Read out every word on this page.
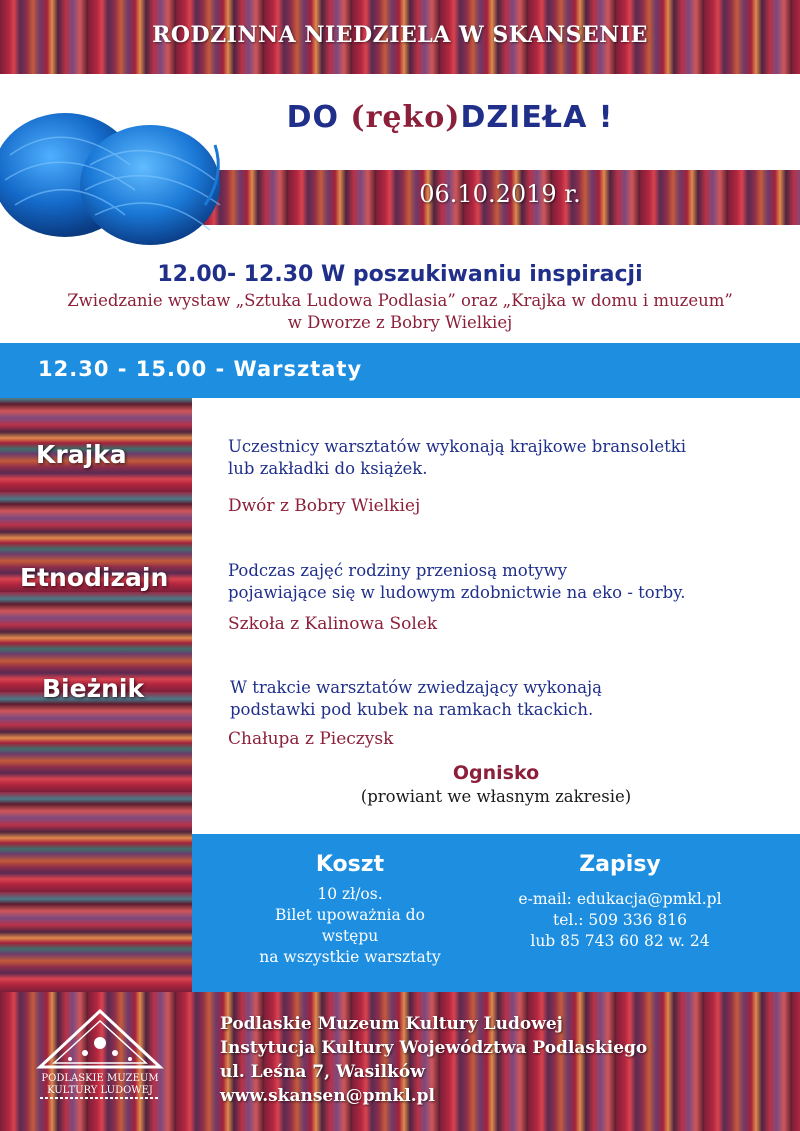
RODZINNA NIEDZIELA W SKANSENIE
DO (ręko)DZIEŁA !
06.10.2019 r.
12.00- 12.30 W poszukiwaniu inspiracji
Zwiedzanie wystaw „Sztuka Ludowa Podlasia” oraz „Krajka w domu i muzeum”
w Dworze z Bobry Wielkiej
12.30 - 15.00 - Warsztaty
Krajka	Uczestnicy warsztatów wykonają krajkowe bransoletki
lub zakładki do książek.
Dwór z Bobry Wielkiej
Etnodizajn	Podczas zajęć rodziny przeniosą motywy
pojawiające się w ludowym zdobnictwie na eko - torby.
Szkoła z Kalinowa Solek
Bieżnik	W trakcie warsztatów zwiedzający wykonają
podstawki pod kubek na ramkach tkackich.
Chałupa z Pieczysk
Ognisko
(prowiant we własnym zakresie)
Koszt
10 zł/os.
Bilet upoważnia do
wstępu
na wszystkie warsztaty
Zapisy
e-mail: edukacja@pmkl.pl
tel.: 509 336 816
lub 85 743 60 82 w. 24
PODLASKIE MUZEUM
KULTURY LUDOWEJ
Podlaskie Muzeum Kultury Ludowej
Instytucja Kultury Województwa Podlaskiego
ul. Leśna 7, Wasilków
www.skansen@pmkl.pl
